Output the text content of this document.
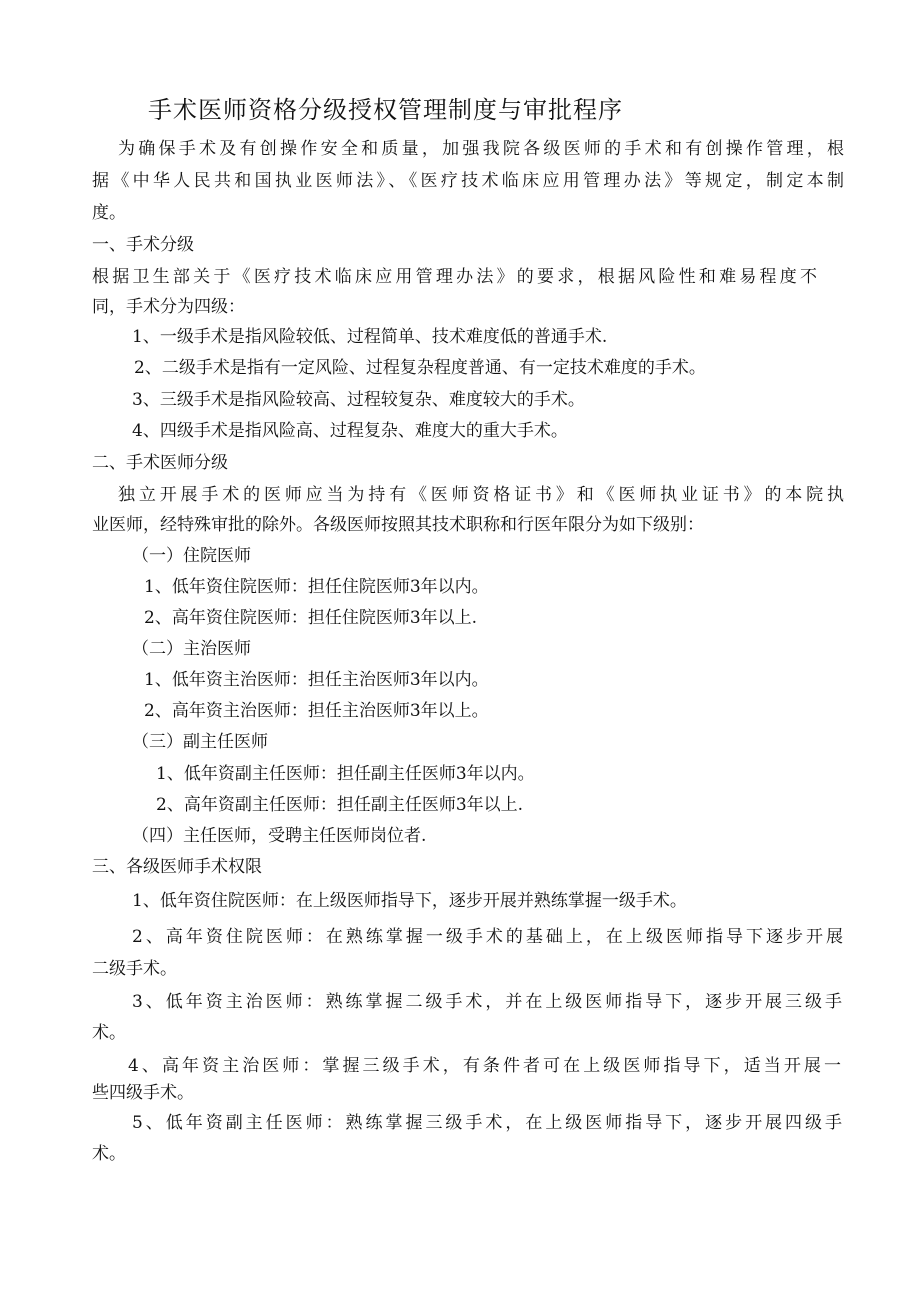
手术医师资格分级授权管理制度与审批程序
为确保手术及有创操作安全和质量，加强我院各级医师的手术和有创操作管理，根
据《中华人民共和国执业医师法》、《医疗技术临床应用管理办法》等规定，制定本制
度。
一、手术分级
根据卫生部关于《医疗技术临床应用管理办法》的要求，根据风险性和难易程度不
同，手术分为四级：
1、一级手术是指风险较低、过程简单、技术难度低的普通手术.
2、二级手术是指有一定风险、过程复杂程度普通、有一定技术难度的手术。
3、三级手术是指风险较高、过程较复杂、难度较大的手术。
4、四级手术是指风险高、过程复杂、难度大的重大手术。
二、手术医师分级
独立开展手术的医师应当为持有《医师资格证书》和《医师执业证书》的本院执
业医师，经特殊审批的除外。各级医师按照其技术职称和行医年限分为如下级别：
（一）住院医师
1、低年资住院医师：担任住院医师3年以内。
2、高年资住院医师：担任住院医师3年以上.
（二）主治医师
1、低年资主治医师：担任主治医师3年以内。
2、高年资主治医师：担任主治医师3年以上。
（三）副主任医师
1、低年资副主任医师：担任副主任医师3年以内。
2、高年资副主任医师：担任副主任医师3年以上.
（四）主任医师，受聘主任医师岗位者.
三、各级医师手术权限
1、低年资住院医师：在上级医师指导下，逐步开展并熟练掌握一级手术。
2、高年资住院医师：在熟练掌握一级手术的基础上，在上级医师指导下逐步开展
二级手术。
3、低年资主治医师：熟练掌握二级手术，并在上级医师指导下，逐步开展三级手
术。
4、高年资主治医师：掌握三级手术，有条件者可在上级医师指导下，适当开展一
些四级手术。
5、低年资副主任医师：熟练掌握三级手术，在上级医师指导下，逐步开展四级手
术。
